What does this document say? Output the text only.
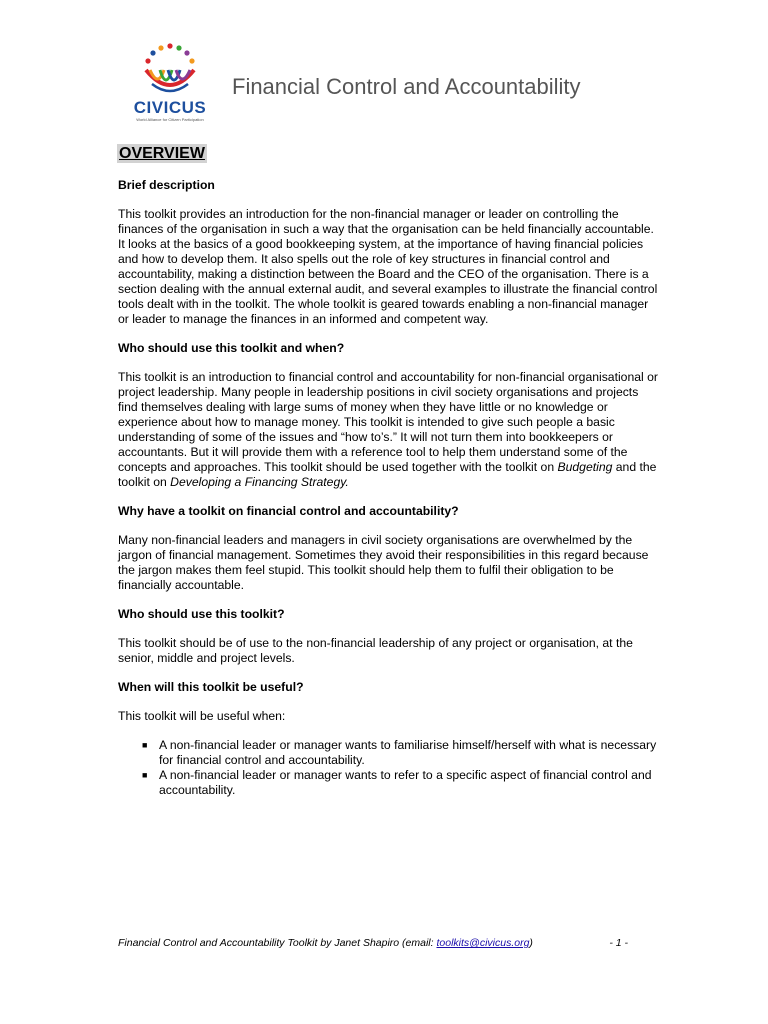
CIVICUS
World Alliance for Citizen Participation
Financial Control and Accountability
OVERVIEW

Brief description

This toolkit provides an introduction for the non-financial manager or leader on controlling the finances of the organisation in such a way that the organisation can be held financially accountable. It looks at the basics of a good bookkeeping system, at the importance of having financial policies and how to develop them. It also spells out the role of key structures in financial control and accountability, making a distinction between the Board and the CEO of the organisation. There is a section dealing with the annual external audit, and several examples to illustrate the financial control tools dealt with in the toolkit. The whole toolkit is geared towards enabling a non-financial manager or leader to manage the finances in an informed and competent way.

Who should use this toolkit and when?

This toolkit is an introduction to financial control and accountability for non-financial organisational or project leadership. Many people in leadership positions in civil society organisations and projects find themselves dealing with large sums of money when they have little or no knowledge or experience about how to manage money. This toolkit is intended to give such people a basic understanding of some of the issues and “how to’s.” It will not turn them into bookkeepers or accountants. But it will provide them with a reference tool to help them understand some of the concepts and approaches. This toolkit should be used together with the toolkit on Budgeting and the toolkit on Developing a Financing Strategy.

Why have a toolkit on financial control and accountability?

Many non-financial leaders and managers in civil society organisations are overwhelmed by the jargon of financial management. Sometimes they avoid their responsibilities in this regard because the jargon makes them feel stupid. This toolkit should help them to fulfil their obligation to be financially accountable.

Who should use this toolkit?

This toolkit should be of use to the non-financial leadership of any project or organisation, at the senior, middle and project levels.

When will this toolkit be useful?

This toolkit will be useful when:

■ A non-financial leader or manager wants to familiarise himself/herself with what is necessary for financial control and accountability.
■ A non-financial leader or manager wants to refer to a specific aspect of financial control and accountability.
Financial Control and Accountability Toolkit by Janet Shapiro (email: toolkits@civicus.org)	- 1 -
